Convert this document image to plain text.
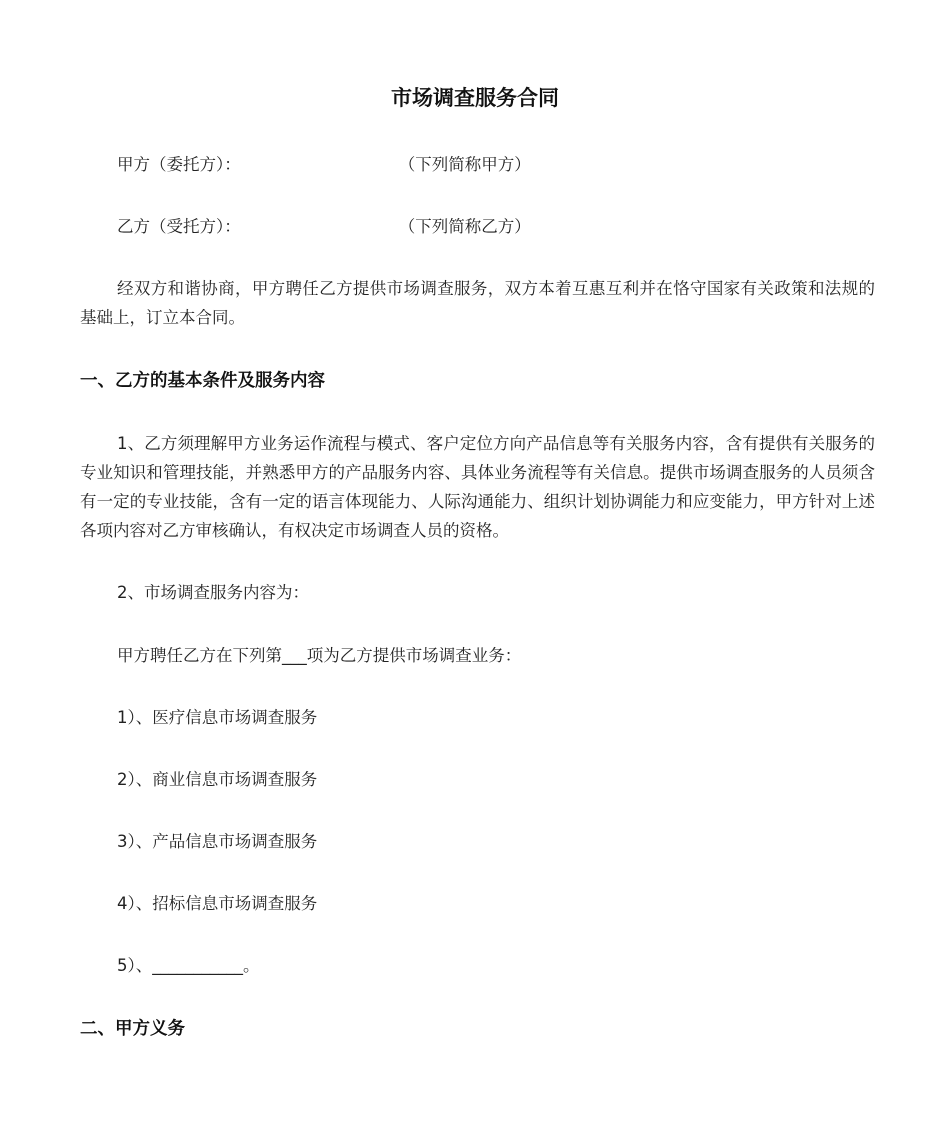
市场调查服务合同
甲方（委托方）：	（下列简称甲方）
乙方（受托方）：	（下列简称乙方）
经双方和谐协商，甲方聘任乙方提供市场调查服务，双方本着互惠互利并在恪守国家有关政策和法规的基础上，订立本合同。
一、乙方的基本条件及服务内容
1、乙方须理解甲方业务运作流程与模式、客户定位方向产品信息等有关服务内容，含有提供有关服务的专业知识和管理技能，并熟悉甲方的产品服务内容、具体业务流程等有关信息。提供市场调查服务的人员须含有一定的专业技能，含有一定的语言体现能力、人际沟通能力、组织计划协调能力和应变能力，甲方针对上述各项内容对乙方审核确认，有权决定市场调查人员的资格。
2、市场调查服务内容为：
甲方聘任乙方在下列第___项为乙方提供市场调查业务：
1）、医疗信息市场调查服务
2）、商业信息市场调查服务
3）、产品信息市场调查服务
4）、招标信息市场调查服务
5）、___________。
二、甲方义务
